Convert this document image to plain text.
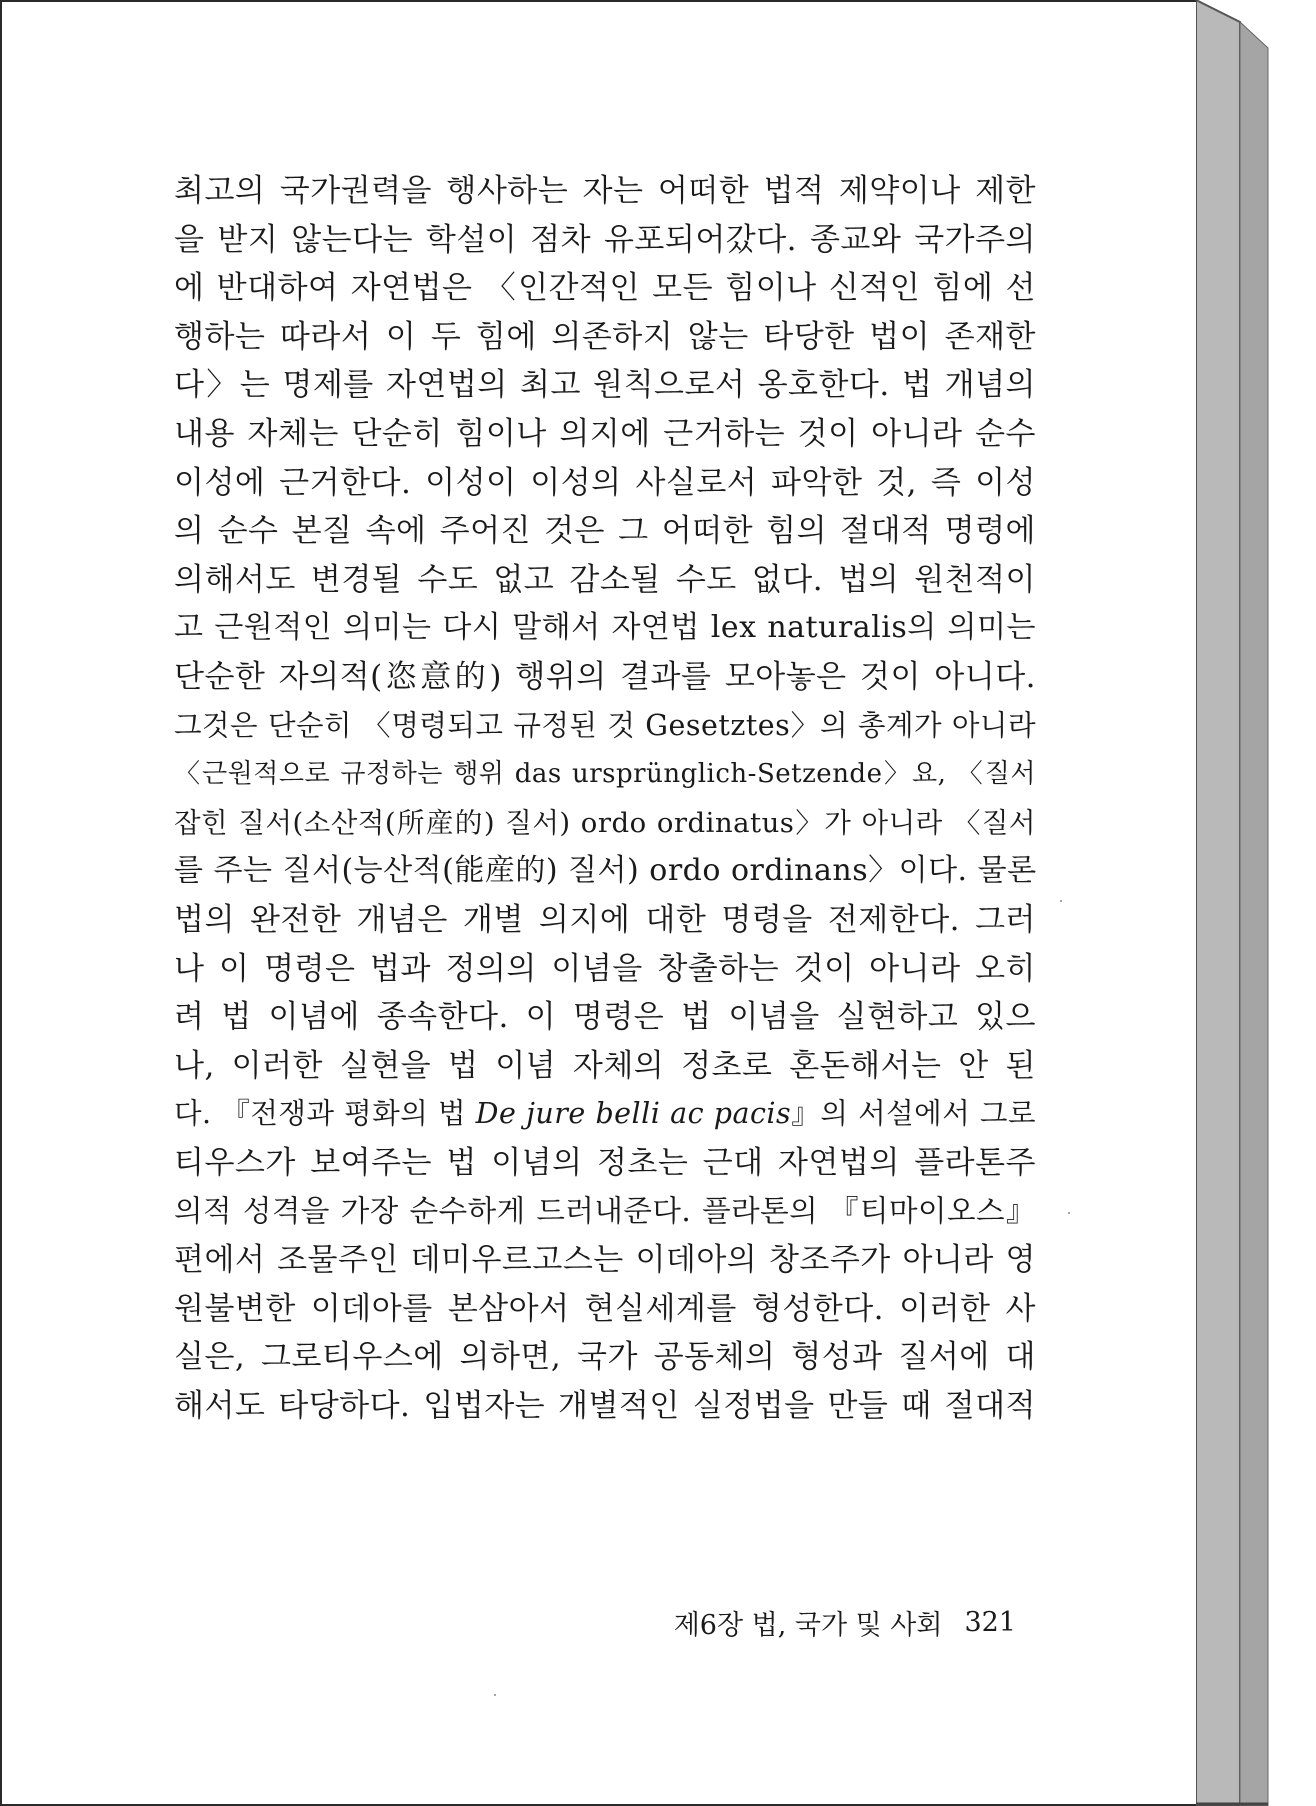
최고의 국가권력을 행사하는 자는 어떠한 법적 제약이나 제한
을 받지 않는다는 학설이 점차 유포되어갔다. 종교와 국가주의
에 반대하여 자연법은 〈인간적인 모든 힘이나 신적인 힘에 선
행하는 따라서 이 두 힘에 의존하지 않는 타당한 법이 존재한
다〉는 명제를 자연법의 최고 원칙으로서 옹호한다. 법 개념의
내용 자체는 단순히 힘이나 의지에 근거하는 것이 아니라 순수
이성에 근거한다. 이성이 이성의 사실로서 파악한 것, 즉 이성
의 순수 본질 속에 주어진 것은 그 어떠한 힘의 절대적 명령에
의해서도 변경될 수도 없고 감소될 수도 없다. 법의 원천적이
고 근원적인 의미는 다시 말해서 자연법 lex naturalis의 의미는
단순한 자의적(恣意的) 행위의 결과를 모아놓은 것이 아니다.
그것은 단순히 〈명령되고 규정된 것 Gesetztes〉의 총계가 아니라
〈근원적으로 규정하는 행위 das ursprünglich-Setzende〉요, 〈질서
잡힌 질서(소산적(所産的) 질서) ordo ordinatus〉가 아니라 〈질서
를 주는 질서(능산적(能産的) 질서) ordo ordinans〉이다. 물론
법의 완전한 개념은 개별 의지에 대한 명령을 전제한다. 그러
나 이 명령은 법과 정의의 이념을 창출하는 것이 아니라 오히
려 법 이념에 종속한다. 이 명령은 법 이념을 실현하고 있으
나, 이러한 실현을 법 이념 자체의 정초로 혼돈해서는 안 된
다. 『전쟁과 평화의 법 De jure belli ac pacis』의 서설에서 그로
티우스가 보여주는 법 이념의 정초는 근대 자연법의 플라톤주
의적 성격을 가장 순수하게 드러내준다. 플라톤의 『티마이오스』
편에서 조물주인 데미우르고스는 이데아의 창조주가 아니라 영
원불변한 이데아를 본삼아서 현실세계를 형성한다. 이러한 사
실은, 그로티우스에 의하면, 국가 공동체의 형성과 질서에 대
해서도 타당하다. 입법자는 개별적인 실정법을 만들 때 절대적
제6장 법, 국가 및 사회 321
